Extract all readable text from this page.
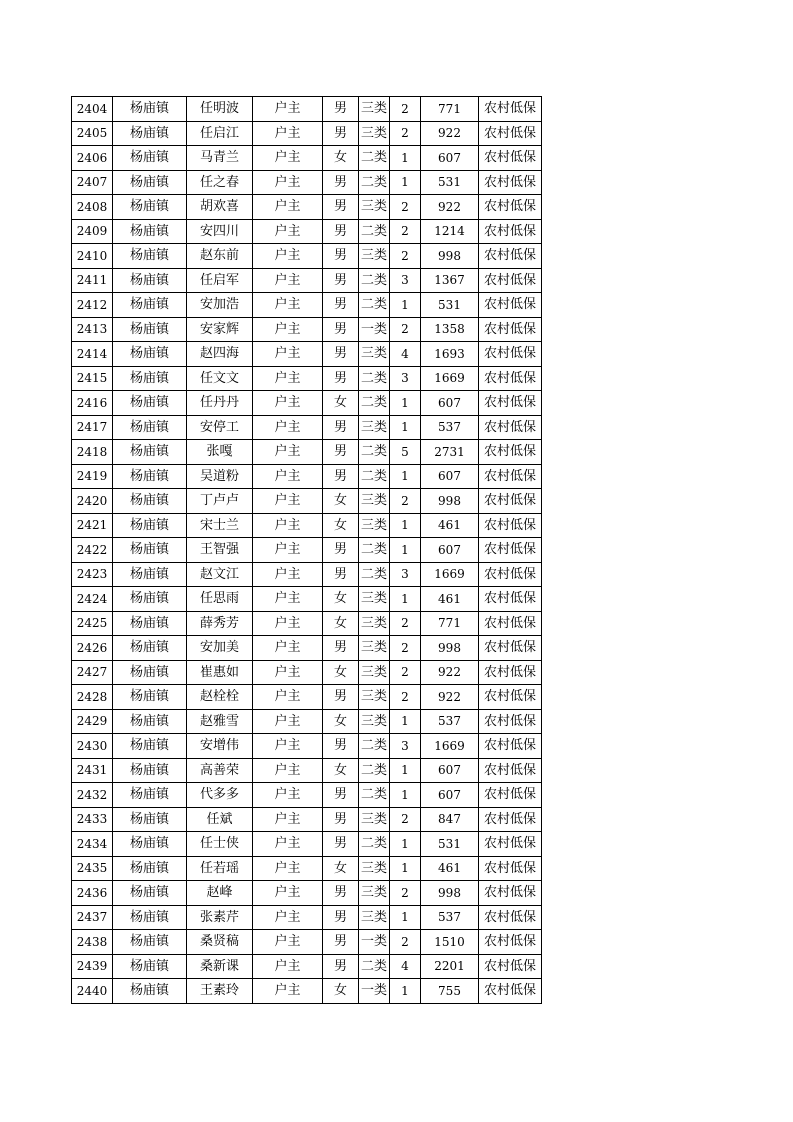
2404	杨庙镇	任明波	户主	男	三类	2	771	农村低保
2405	杨庙镇	任启江	户主	男	三类	2	922	农村低保
2406	杨庙镇	马青兰	户主	女	二类	1	607	农村低保
2407	杨庙镇	任之春	户主	男	二类	1	531	农村低保
2408	杨庙镇	胡欢喜	户主	男	三类	2	922	农村低保
2409	杨庙镇	安四川	户主	男	二类	2	1214	农村低保
2410	杨庙镇	赵东前	户主	男	三类	2	998	农村低保
2411	杨庙镇	任启军	户主	男	二类	3	1367	农村低保
2412	杨庙镇	安加浩	户主	男	二类	1	531	农村低保
2413	杨庙镇	安家辉	户主	男	一类	2	1358	农村低保
2414	杨庙镇	赵四海	户主	男	三类	4	1693	农村低保
2415	杨庙镇	任文文	户主	男	二类	3	1669	农村低保
2416	杨庙镇	任丹丹	户主	女	二类	1	607	农村低保
2417	杨庙镇	安停工	户主	男	三类	1	537	农村低保
2418	杨庙镇	张嘎	户主	男	二类	5	2731	农村低保
2419	杨庙镇	吴道粉	户主	男	二类	1	607	农村低保
2420	杨庙镇	丁卢卢	户主	女	三类	2	998	农村低保
2421	杨庙镇	宋士兰	户主	女	三类	1	461	农村低保
2422	杨庙镇	王智强	户主	男	二类	1	607	农村低保
2423	杨庙镇	赵文江	户主	男	二类	3	1669	农村低保
2424	杨庙镇	任思雨	户主	女	三类	1	461	农村低保
2425	杨庙镇	薛秀芳	户主	女	三类	2	771	农村低保
2426	杨庙镇	安加美	户主	男	三类	2	998	农村低保
2427	杨庙镇	崔惠如	户主	女	三类	2	922	农村低保
2428	杨庙镇	赵栓栓	户主	男	三类	2	922	农村低保
2429	杨庙镇	赵雅雪	户主	女	三类	1	537	农村低保
2430	杨庙镇	安增伟	户主	男	二类	3	1669	农村低保
2431	杨庙镇	高善荣	户主	女	二类	1	607	农村低保
2432	杨庙镇	代多多	户主	男	二类	1	607	农村低保
2433	杨庙镇	任斌	户主	男	三类	2	847	农村低保
2434	杨庙镇	任士侠	户主	男	二类	1	531	农村低保
2435	杨庙镇	任若瑶	户主	女	三类	1	461	农村低保
2436	杨庙镇	赵峰	户主	男	三类	2	998	农村低保
2437	杨庙镇	张素芹	户主	男	三类	1	537	农村低保
2438	杨庙镇	桑贤稿	户主	男	一类	2	1510	农村低保
2439	杨庙镇	桑新课	户主	男	二类	4	2201	农村低保
2440	杨庙镇	王素玲	户主	女	一类	1	755	农村低保
